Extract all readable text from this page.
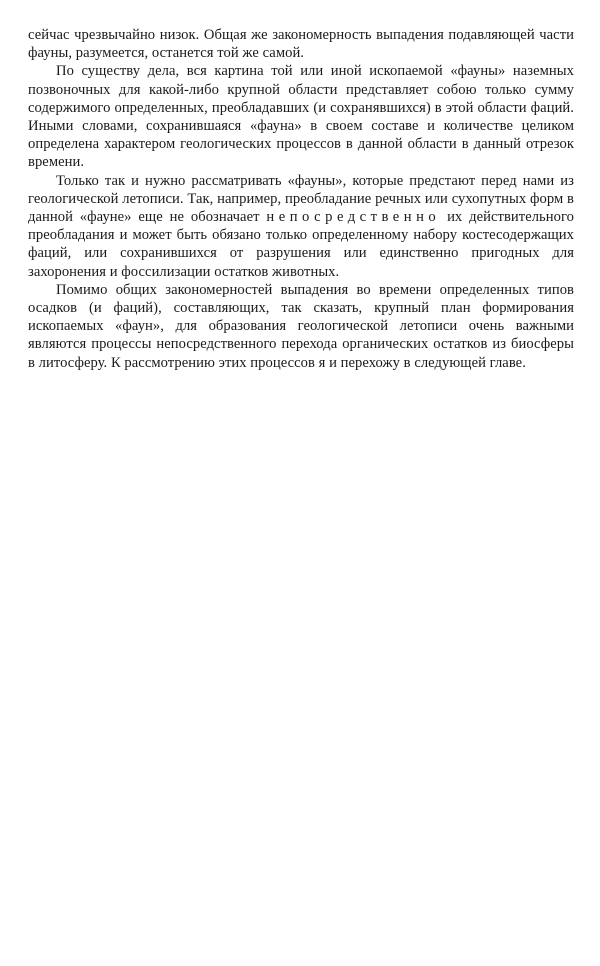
сейчас чрезвычайно низок. Общая же закономерность выпадения подавляющей части фауны, разумеется, останется той же самой.

По существу дела, вся картина той или иной ископаемой «фауны» наземных позвоночных для какой-либо крупной области представляет собою только сумму содержимого определенных, преобладавших (и сохранявшихся) в этой области фаций. Иными словами, сохранившаяся «фауна» в своем составе и количестве целиком определена характером геологических процессов в данной области в данный отрезок времени.

Только так и нужно рассматривать «фауны», которые предстают перед нами из геологической летописи. Так, например, преобладание речных или сухопутных форм в данной «фауне» еще не обозначает непосредственно их действительного преобладания и может быть обязано только определенному набору костесодержащих фаций, или сохранившихся от разрушения или единственно пригодных для захоронения и фоссилизации остатков животных.

Помимо общих закономерностей выпадения во времени определенных типов осадков (и фаций), составляющих, так сказать, крупный план формирования ископаемых «фаун», для образования геологической летописи очень важными являются процессы непосредственного перехода органических остатков из биосферы в литосферу. К рассмотрению этих процессов я и перехожу в следующей главе.
